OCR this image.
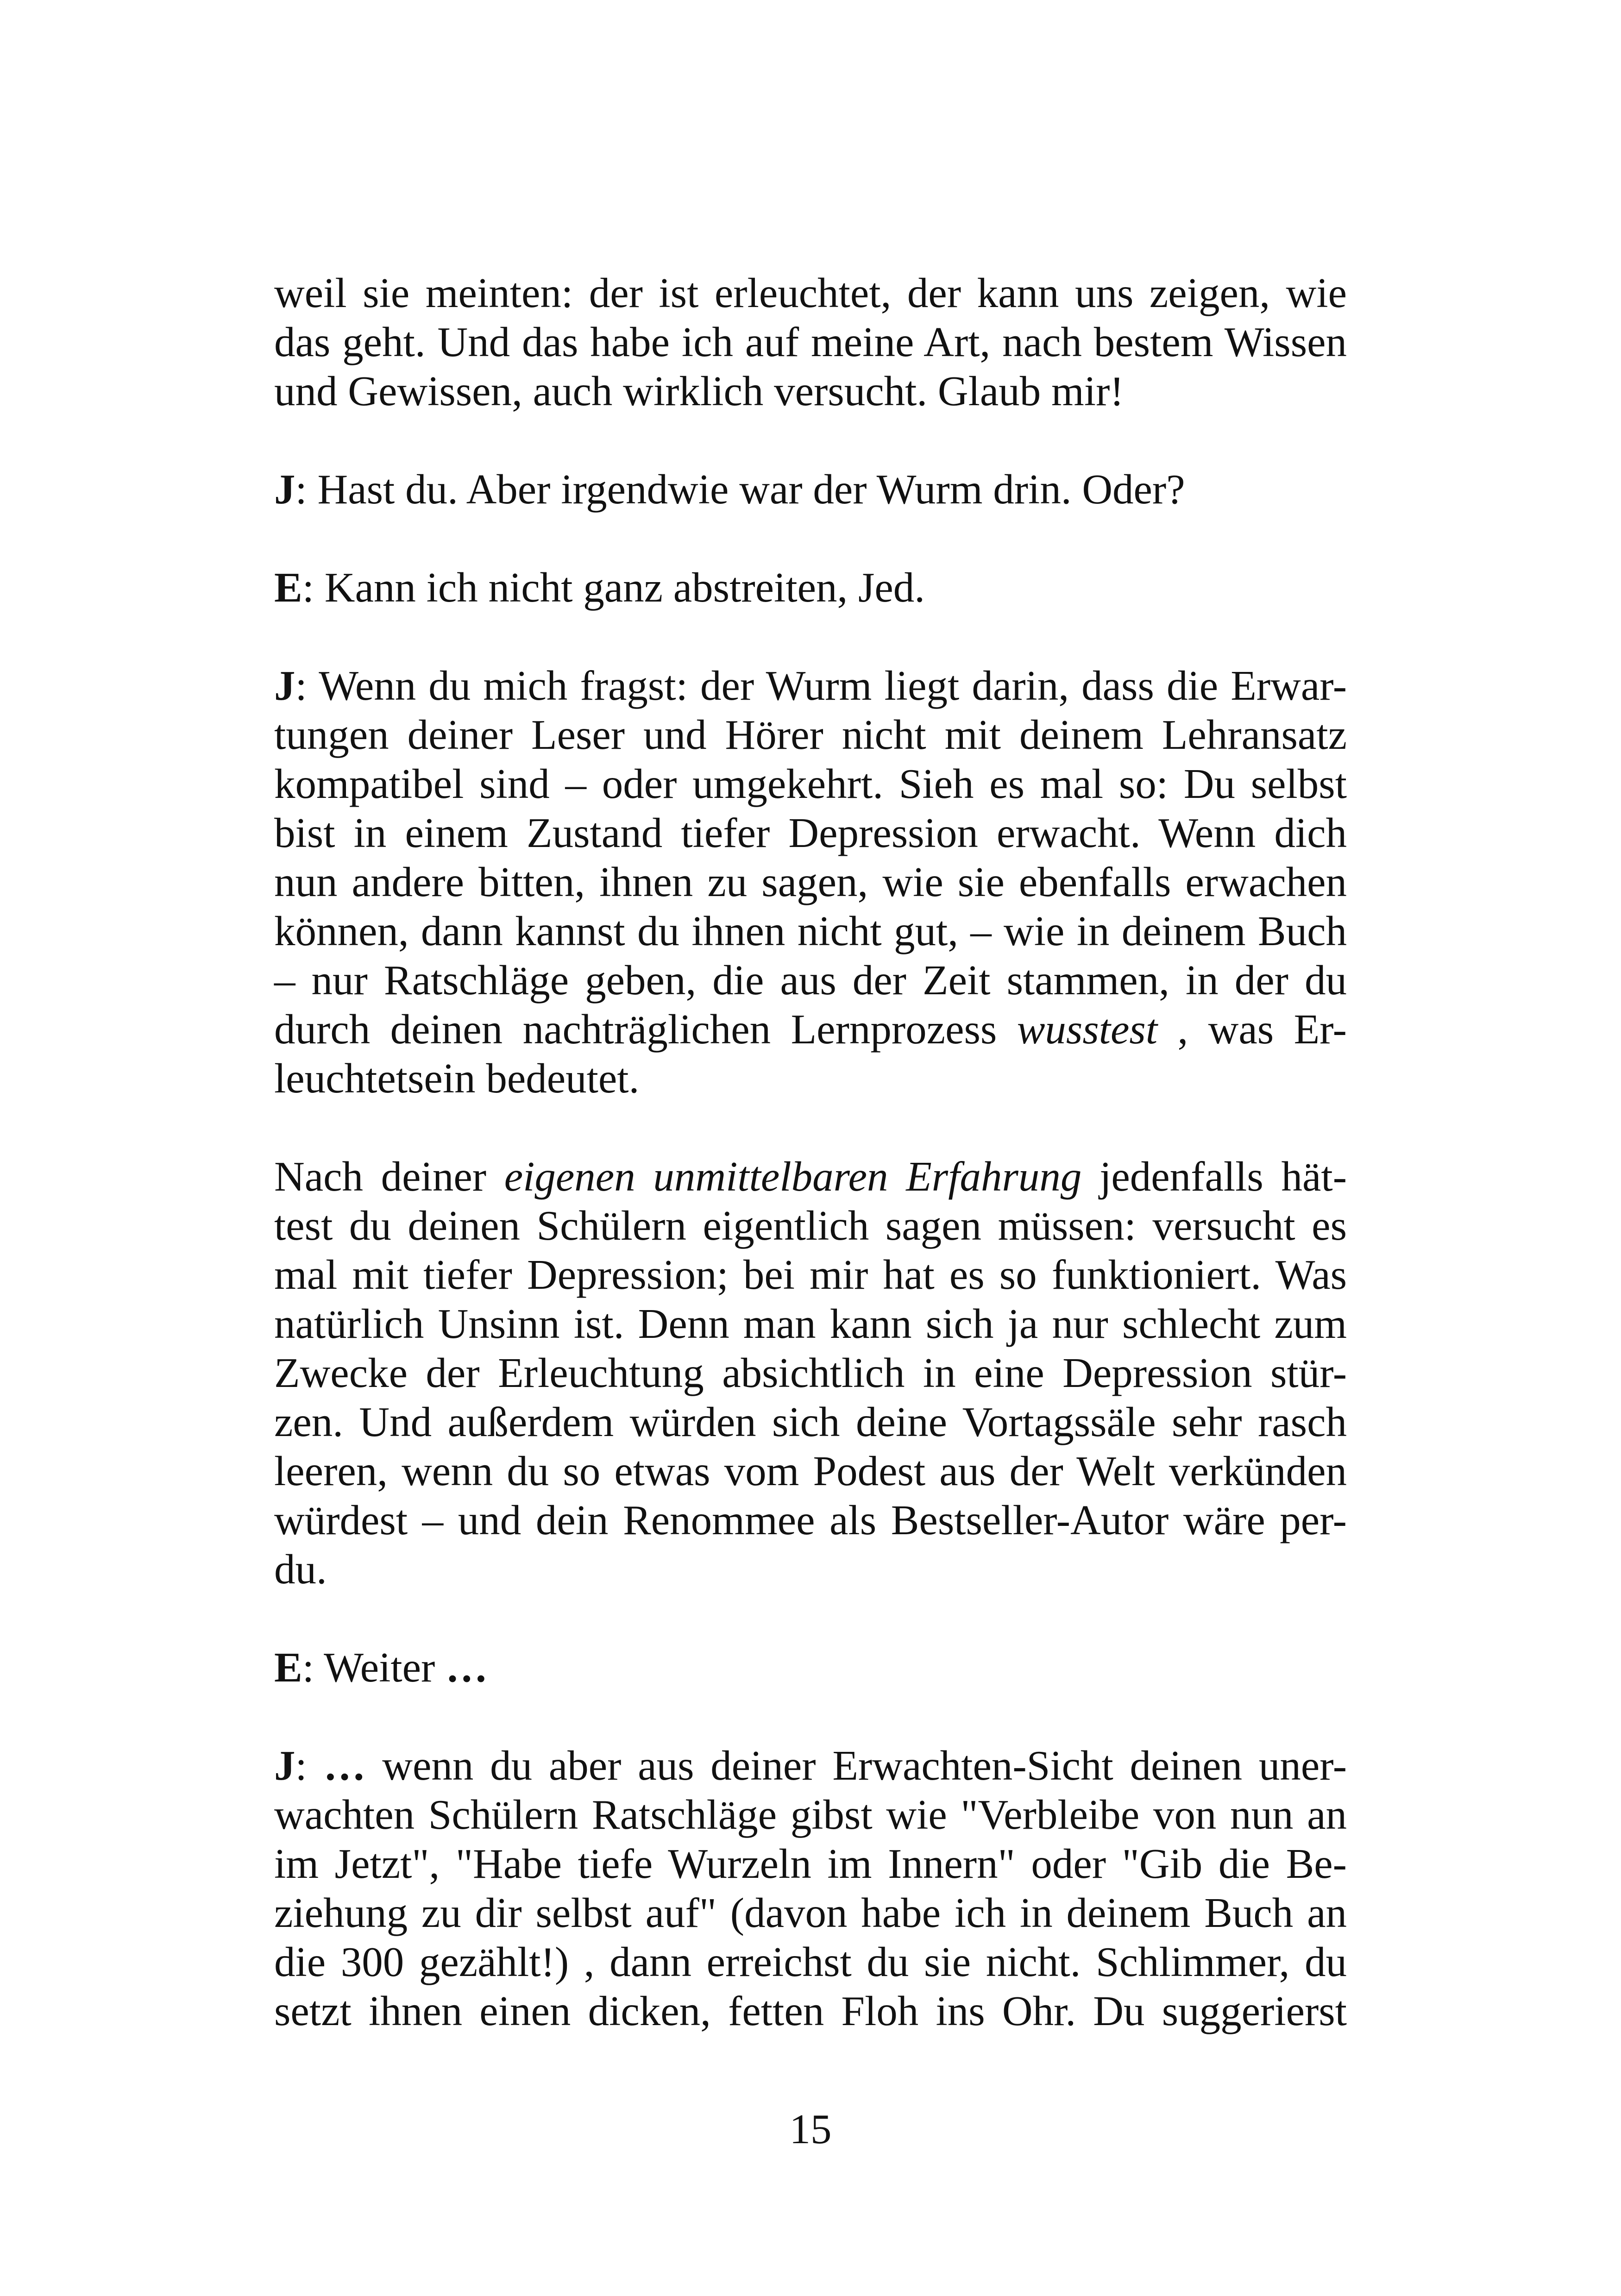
weil sie meinten: der ist erleuchtet, der kann uns zeigen, wie
das geht. Und das habe ich auf meine Art, nach bestem Wissen
und Gewissen, auch wirklich versucht. Glaub mir!

J: Hast du. Aber irgendwie war der Wurm drin. Oder?

E: Kann ich nicht ganz abstreiten, Jed.

J: Wenn du mich fragst: der Wurm liegt darin, dass die Erwar-
tungen deiner Leser und Hörer nicht mit deinem Lehransatz
kompatibel sind – oder umgekehrt. Sieh es mal so: Du selbst
bist in einem Zustand tiefer Depression erwacht. Wenn dich
nun andere bitten, ihnen zu sagen, wie sie ebenfalls erwachen
können, dann kannst du ihnen nicht gut, – wie in deinem Buch
– nur Ratschläge geben, die aus der Zeit stammen, in der du
durch deinen nachträglichen Lernprozess wusstest , was Er-
leuchtetsein bedeutet.

Nach deiner eigenen unmittelbaren Erfahrung jedenfalls hät-
test du deinen Schülern eigentlich sagen müssen: versucht es
mal mit tiefer Depression; bei mir hat es so funktioniert. Was
natürlich Unsinn ist. Denn man kann sich ja nur schlecht zum
Zwecke der Erleuchtung absichtlich in eine Depression stür-
zen. Und außerdem würden sich deine Vortagssäle sehr rasch
leeren, wenn du so etwas vom Podest aus der Welt verkünden
würdest – und dein Renommee als Bestseller-Autor wäre per-
du.

E: Weiter …

J: … wenn du aber aus deiner Erwachten-Sicht deinen uner-
wachten Schülern Ratschläge gibst wie "Verbleibe von nun an
im Jetzt", "Habe tiefe Wurzeln im Innern" oder "Gib die Be-
ziehung zu dir selbst auf" (davon habe ich in deinem Buch an
die 300 gezählt!) , dann erreichst du sie nicht. Schlimmer, du
setzt ihnen einen dicken, fetten Floh ins Ohr. Du suggerierst

15
